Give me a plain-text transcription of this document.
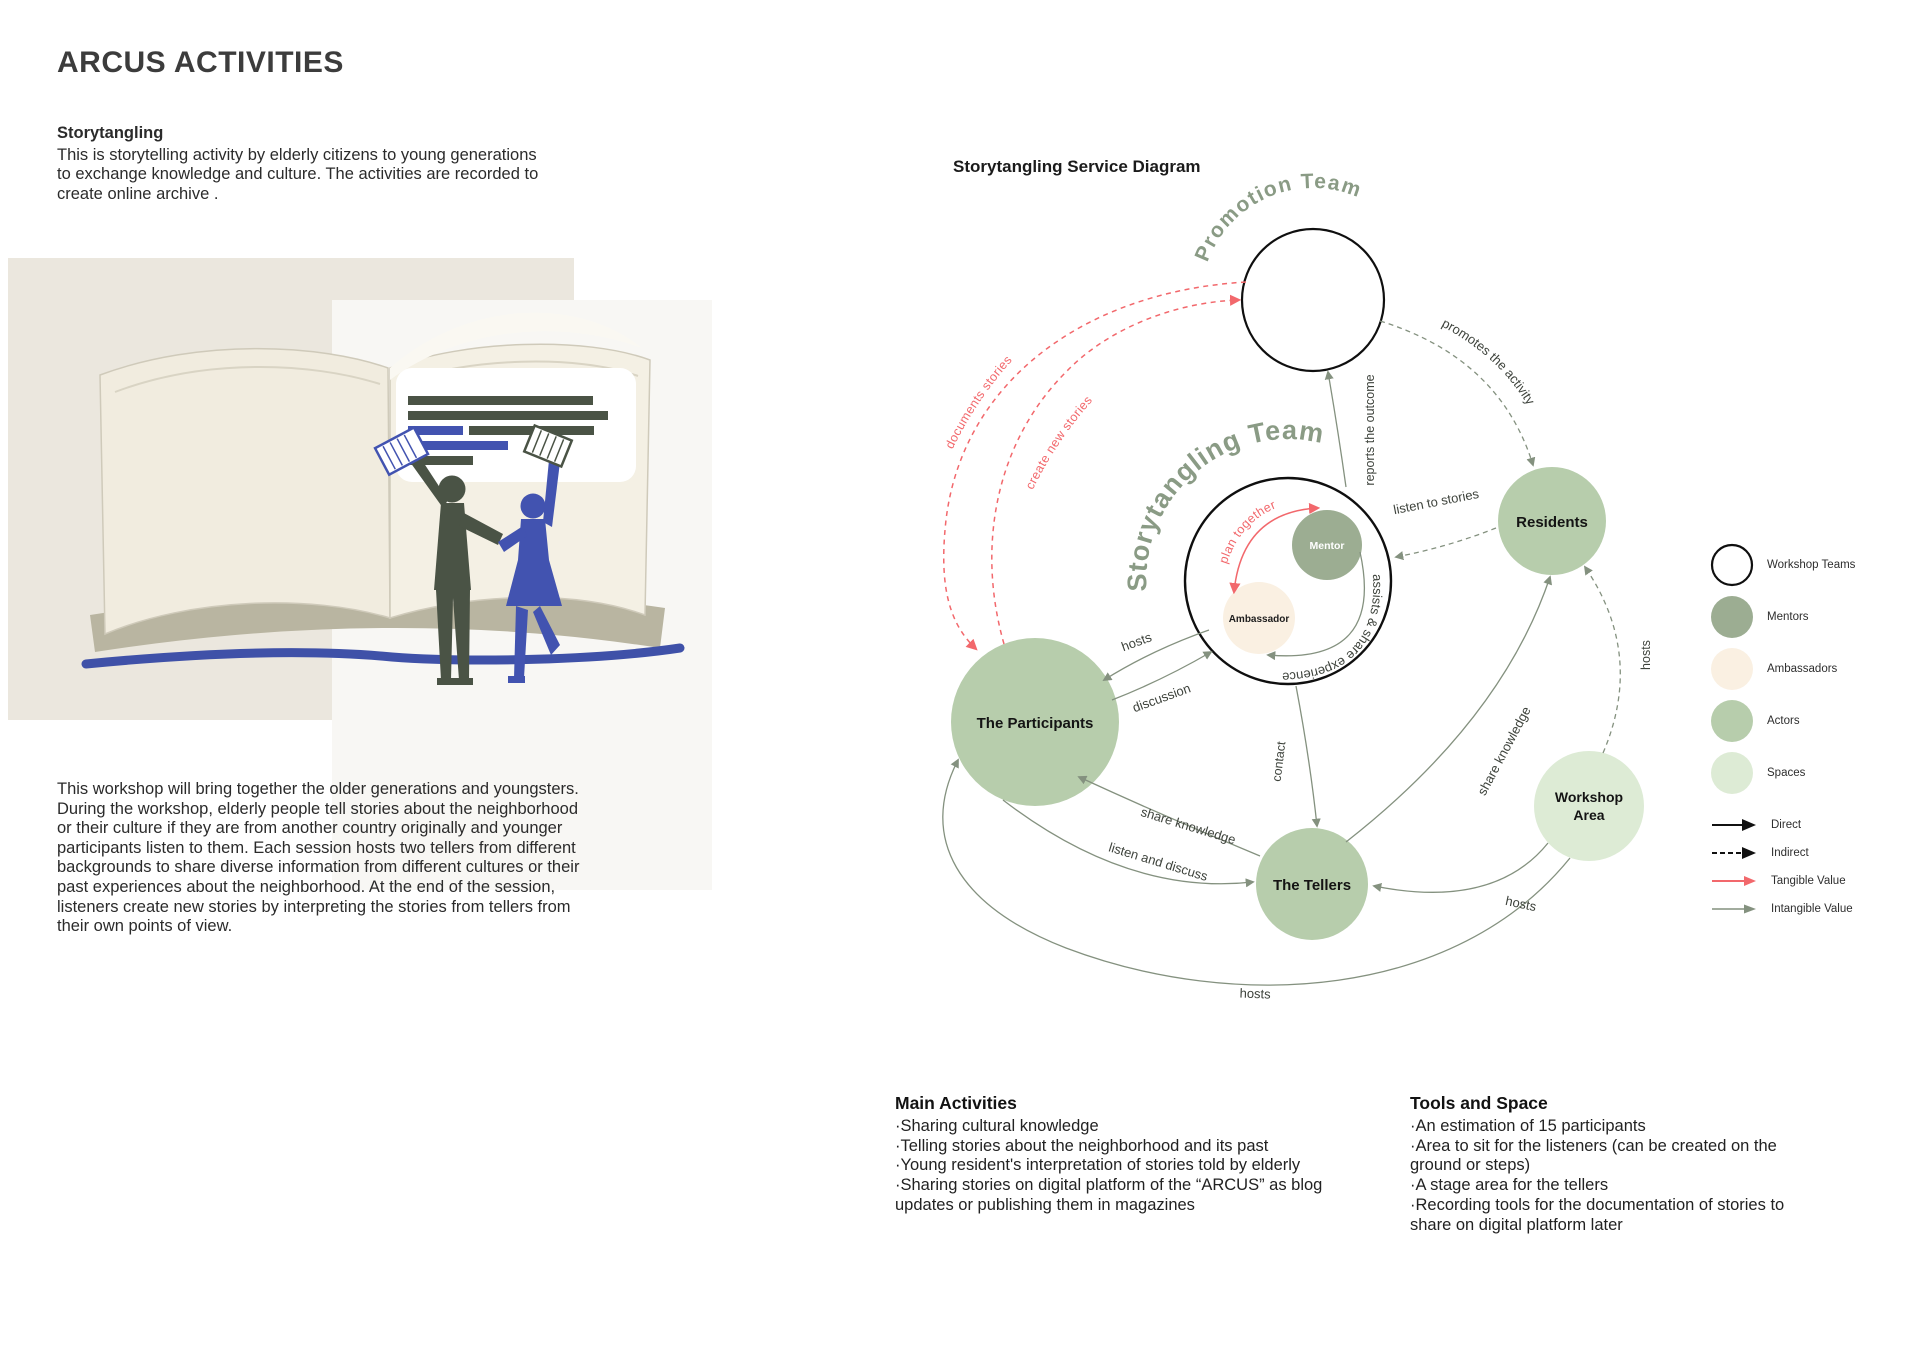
Promotion Team
Storytangling Team
plan together
assists & share experience
promotes the activity
documents stories
create new stories
hosts
discussion
contact
share knowledge
listen and discuss
hosts
share knowledge
hosts
hosts
reports the outcome
listen to stories
The Participants
The Tellers
Residents
Workshop
Area
Mentor
Ambassador
ARCUS ACTIVITIES
Storytangling
This is storytelling activity by elderly citizens to young generations to exchange knowledge and culture. The activities are recorded to create online archive .
This workshop will bring together the older generations and youngsters. During the workshop, elderly people tell stories about the neighborhood or their culture if they are from another country originally and younger participants listen to them. Each session hosts two tellers from different backgrounds to share diverse information from different cultures or their past experiences about the neighborhood. At the end of the session, listeners create new stories by interpreting the stories from tellers from their own points of view.
Storytangling Service Diagram
Main Activities
·Sharing cultural knowledge
·Telling stories about the neighborhood and its past
·Young resident's interpretation of stories told by elderly
·Sharing stories on digital platform of the “ARCUS” as blog updates or publishing them in magazines
Tools and Space
·An estimation of 15 participants
·Area to sit for the listeners (can be created on the ground or steps)
·A stage area for the tellers
·Recording tools for the documentation of stories to share on digital platform later
Workshop Teams
Mentors
Ambassadors
Actors
Spaces
Direct
Indirect
Tangible Value
Intangible Value
